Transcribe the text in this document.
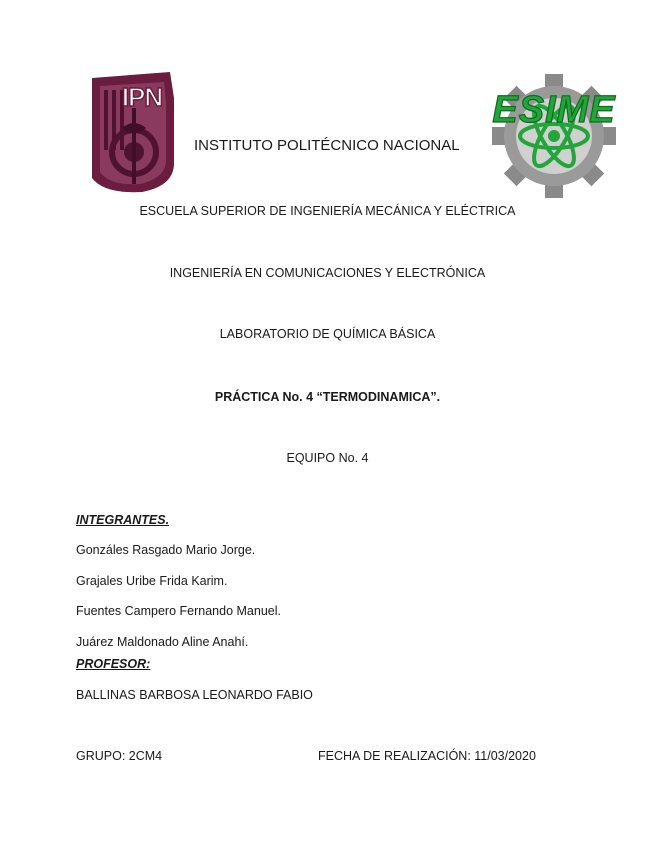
IPN	ESIME
INSTITUTO POLITÉCNICO NACIONAL
ESCUELA SUPERIOR DE INGENIERÍA MECÁNICA Y ELÉCTRICA
INGENIERÍA EN COMUNICACIONES Y ELECTRÓNICA
LABORATORIO DE QUÍMICA BÁSICA
PRÁCTICA No. 4 “TERMODINAMICA”.
EQUIPO No. 4
INTEGRANTES.
Gonzáles Rasgado Mario Jorge.
Grajales Uribe Frida Karim.
Fuentes Campero Fernando Manuel.
Juárez Maldonado Aline Anahí.
PROFESOR:
BALLINAS BARBOSA LEONARDO FABIO
GRUPO: 2CM4	FECHA DE REALIZACIÓN: 11/03/2020
